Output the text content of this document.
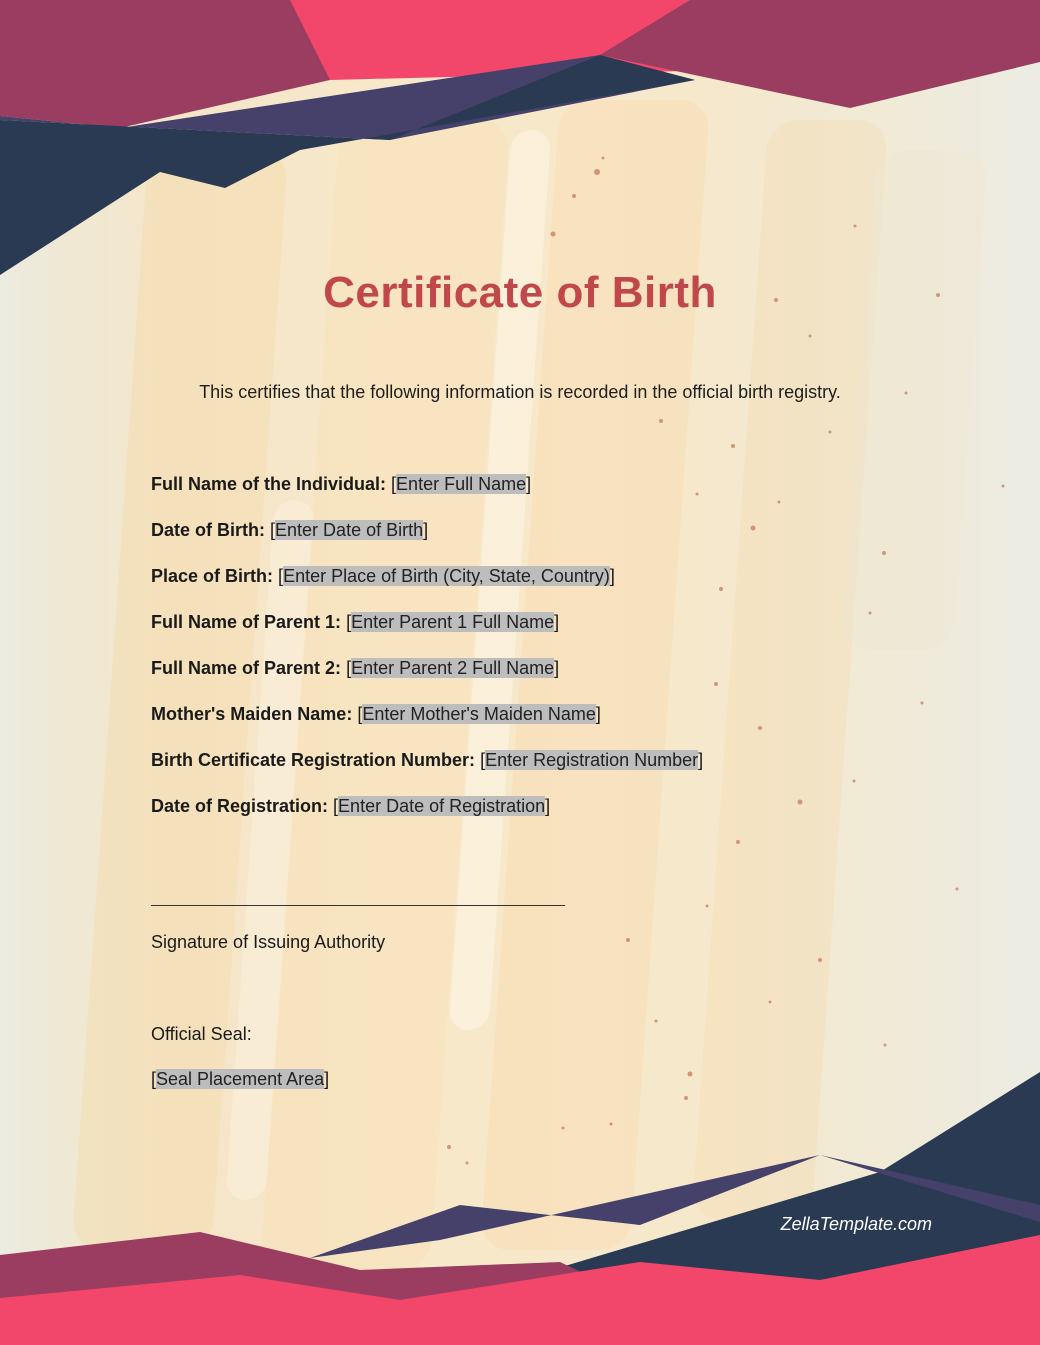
Certificate of Birth
This certifies that the following information is recorded in the official birth registry.
Full Name of the Individual: [Enter Full Name]
Date of Birth: [Enter Date of Birth]
Place of Birth: [Enter Place of Birth (City, State, Country)]
Full Name of Parent 1: [Enter Parent 1 Full Name]
Full Name of Parent 2: [Enter Parent 2 Full Name]
Mother's Maiden Name: [Enter Mother's Maiden Name]
Birth Certificate Registration Number: [Enter Registration Number]
Date of Registration: [Enter Date of Registration]
Signature of Issuing Authority
Official Seal:
[Seal Placement Area]
ZellaTemplate.com
